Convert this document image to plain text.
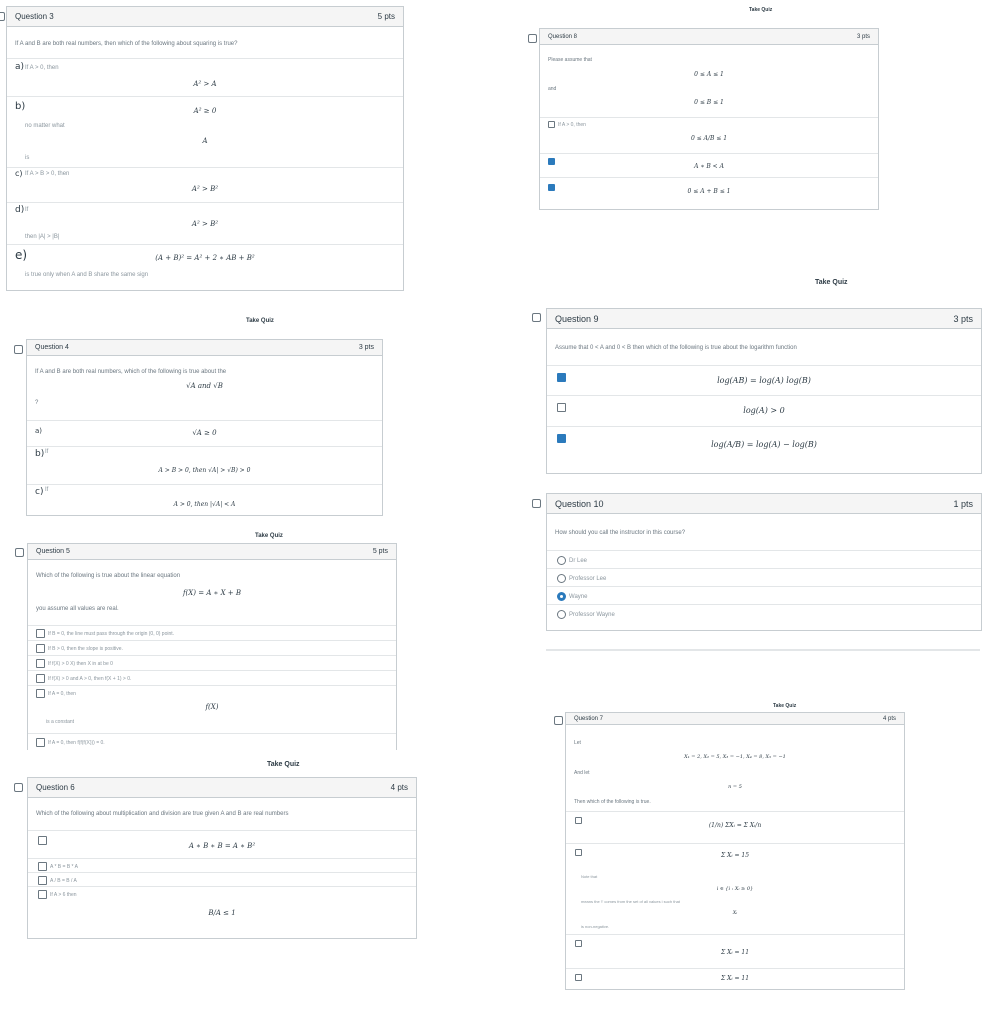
Question 3	5 pts
If A and B are both real numbers, then which of the following about squaring is true?
a) If A > 0, then
A² > A
b)	A² ≥ 0
no matter what
A
is
c) If A > B > 0, then
A² > B²
d) If
A² > B²
then |A| > |B|
e)	(A + B)² = A² + 2 ∗ AB + B²
is true only when A and B share the same sign
Take Quiz
Question 4	3 pts
If A and B are both real numbers, which of the following is true about the
√A and √B
?
a)	√A ≥ 0
b) If
A > B > 0, then √A| > √B) > 0
c) If
A > 0, then |√A| < A
Take Quiz
Question 5	5 pts
Which of the following is true about the linear equation
f(X) = A ∗ X + B
you assume all values are real.
If B = 0, the line must pass through the origin (0, 0) point.
If B > 0, then the slope is positive.
If f(X) > 0 X) then X in at be 0
If f(X) > 0 and A > 0, then f(X + 1) > 0.
If A = 0, then
f(X)
is a constant
If A = 0, then f(f(f(X))) = 0.
Take Quiz
Question 6	4 pts
Which of the following about multiplication and division are true given A and B are real numbers
A ∗ B ∗ B = A ∗ B²
A * B = B * A
A / B = B / A
If A > 6 then
B/A ≤ 1
Take Quiz
Question 8	3 pts
Please assume that
0 ≤ A ≤ 1
and
0 ≤ B ≤ 1
If A > 0, then
0 ≤ A/B ≤ 1
A ∗ B < A
0 ≤ A + B ≤ 1
Take Quiz
Question 9	3 pts
Assume that 0 < A and 0 < B then which of the following is true about the logarithm function
log(AB) = log(A) log(B)
log(A) > 0
log(A/B) = log(A) − log(B)
Question 10	1 pts
How should you call the instructor in this course?
Dr Lee
Professor Lee
Wayne
Professor Wayne
Take Quiz
Question 7	4 pts
Let
X₁ = 2, X₂ = 5, X₃ = −1, X₄ = 8, X₅ = −1
And let
n = 5
Then which of the following is true.
(1/n) ΣXᵢ = Σ Xᵢ/n
Σ Xᵢ = 15
Note that
i ∈ {i : Xᵢ ≥ 0}
means the 'i' comes from the set of all values i such that
Xᵢ
is non-negative.
Σ Xᵢ = 11
Σ Xᵢ = 11
